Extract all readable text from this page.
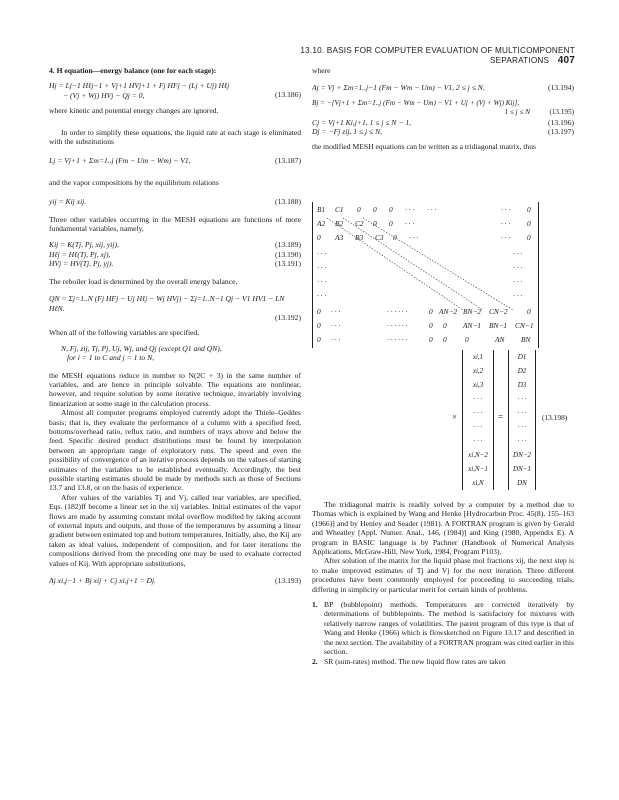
13.10. BASIS FOR COMPUTER EVALUATION OF MULTICOMPONENT SEPARATIONS 407

4. H equation—energy balance (one for each stage):

Hj = Lj−1 Hℓj−1 + Vj+1 HVj+1 + Fj HFj − (Lj + Uj) Hℓj
− (Vj + Wj) HVj − Qj = 0,	(13.186)

where kinetic and potential energy changes are ignored.

In order to simplify these equations, the liquid rate at each stage is eliminated with the substitutions

Lj = Vj+1 + Σm=1..j (Fm − Um − Wm) − V1,	(13.187)

and the vapor compositions by the equilibrium relations

yij = Kij xij.	(13.188)

Three other variables occurring in the MESH equations are functions of more fundamental variables, namely,

Kij = K(Tj, Pj, xij, yij),	(13.189)
Hℓj = Hℓ(Tj, Pj, xj),	(13.190)
HVj = HV(Tj, Pj, yj).	(13.191)

The reboiler load is determined by the overall energy balance,

QN = Σj=1..N (Fj HFj − Uj Hℓj − Wj HVj) − Σj=1..N−1 Qj − V1 HV1 − LN HℓN.
(13.192)

When all of the following variables are specified,

N, Fj, zij, Tj, Pj, Uj, Wj, and Qj (except Q1 and QN),
for i = 1 to C and j = 1 to N,

the MESH equations reduce in number to N(2C + 3) in the same number of variables, and are hence in principle solvable. The equations are nonlinear, however, and require solution by some iterative technique, invariably involving linearization at some stage in the calculation process.

Almost all computer programs employed currently adopt the Thiele–Geddes basis; that is, they evaluate the performance of a column with a specified feed, bottoms/overhead ratio, reflux ratio, and numbers of trays above and below the feed. Specific desired product distributions must be found by interpolation between an appropriate range of exploratory runs. The speed and even the possibility of convergence of an iterative process depends on the values of starting estimates of the variables to be established eventually. Accordingly, the best possible starting estimates should be made by methods such as those of Sections 13.7 and 13.8, or on the basis of experience.

After values of the variables Tj and Vj, called tear variables, are specified, Eqs. (182)ff become a linear set in the xij variables. Initial estimates of the vapor flows are made by assuming constant molal overflow modified by taking account of external inputs and outputs, and those of the temperatures by assuming a linear gradient between estimated top and bottom temperatures. Initially, also, the Kij are taken as ideal values, independent of composition, and for later iterations the compositions derived from the preceding one may be used to evaluate corrected values of Kij. With appropriate substitutions,

Aj xi,j−1 + Bj xij + Cj xi,j+1 = Dj.	(13.193)

where

Aj = Vj + Σm=1..j−1 (Fm − Wm − Um) − V1, 2 ≤ j ≤ N,	(13.194)
Bj = −[Vj+1 + Σm=1..j (Fm − Wm − Um) − V1 + Uj + (Vj + Wj) Kij],
1 ≤ j ≤ N	(13.195)
Cj = Vj+1 Ki,j+1, 1 ≤ j ≤ N − 1,	(13.196)
Dj = −Fj zij, 1 ≤ j ≤ N,	(13.197)

the modified MESH equations can be written as a tridiagonal matrix, thus

B1 C1 0 0 0 · · · · · ·	· · · 0
A2 B2 C2 0 0 · · ·	· · · 0
0 A3 B3 C3 0 · · ·	· · · 0
· · ·
· · ·
· · ·
· · ·
· · ·
· · ·
· · ·
· · ·
0 · · ·	· · · · · ·	0 AN−2 BN−2 CN−2	0
0 · · ·	· · · · · ·	0 0 AN−1 BN−1 CN−1
0 · · ·	· · · · · ·	0 0 0	AN BN
×
xi,1
xi,2
xi,3
· · ·
· · ·
· · ·
· · ·
xi,N−2
xi,N−1
xi,N
=
D1
D2
D3
· · ·
· · ·
· · ·
· · ·
DN−2
DN−1
DN
(13.198)

The tridiagonal matrix is readily solved by a computer by a method due to Thomas which is explained by Wang and Henke [Hydrocarbon Proc. 45(8), 155–163 (1966)] and by Henley and Seader (1981). A FORTRAN program is given by Gerald and Wheatley [Appl. Numer. Anal., 146, (1984)] and King (1980, Appendix E). A program in BASIC language is by Pachner (Handbook of Numerical Analysis Applications, McGraw-Hill, New York, 1984, Program P103).

After solution of the matrix for the liquid phase mol fractions xij, the next step is to make improved estimates of Tj and Vj for the next iteration. Three different procedures have been commonly employed for proceeding to succeeding trials, differing in simplicity or particular merit for certain kinds of problems.

1. BP (bubblepoint) methods. Temperatures are corrected iteratively by determinations of bubblepoints. The method is satisfactory for mixtures with relatively narrow ranges of volatilities. The parent program of this type is that of Wang and Henke (1966) which is flowsketched on Figure 13.17 and described in the next section. The availability of a FORTRAN program was cited earlier in this section.

2. SR (sum-rates) method. The new liquid flow rates are taken
